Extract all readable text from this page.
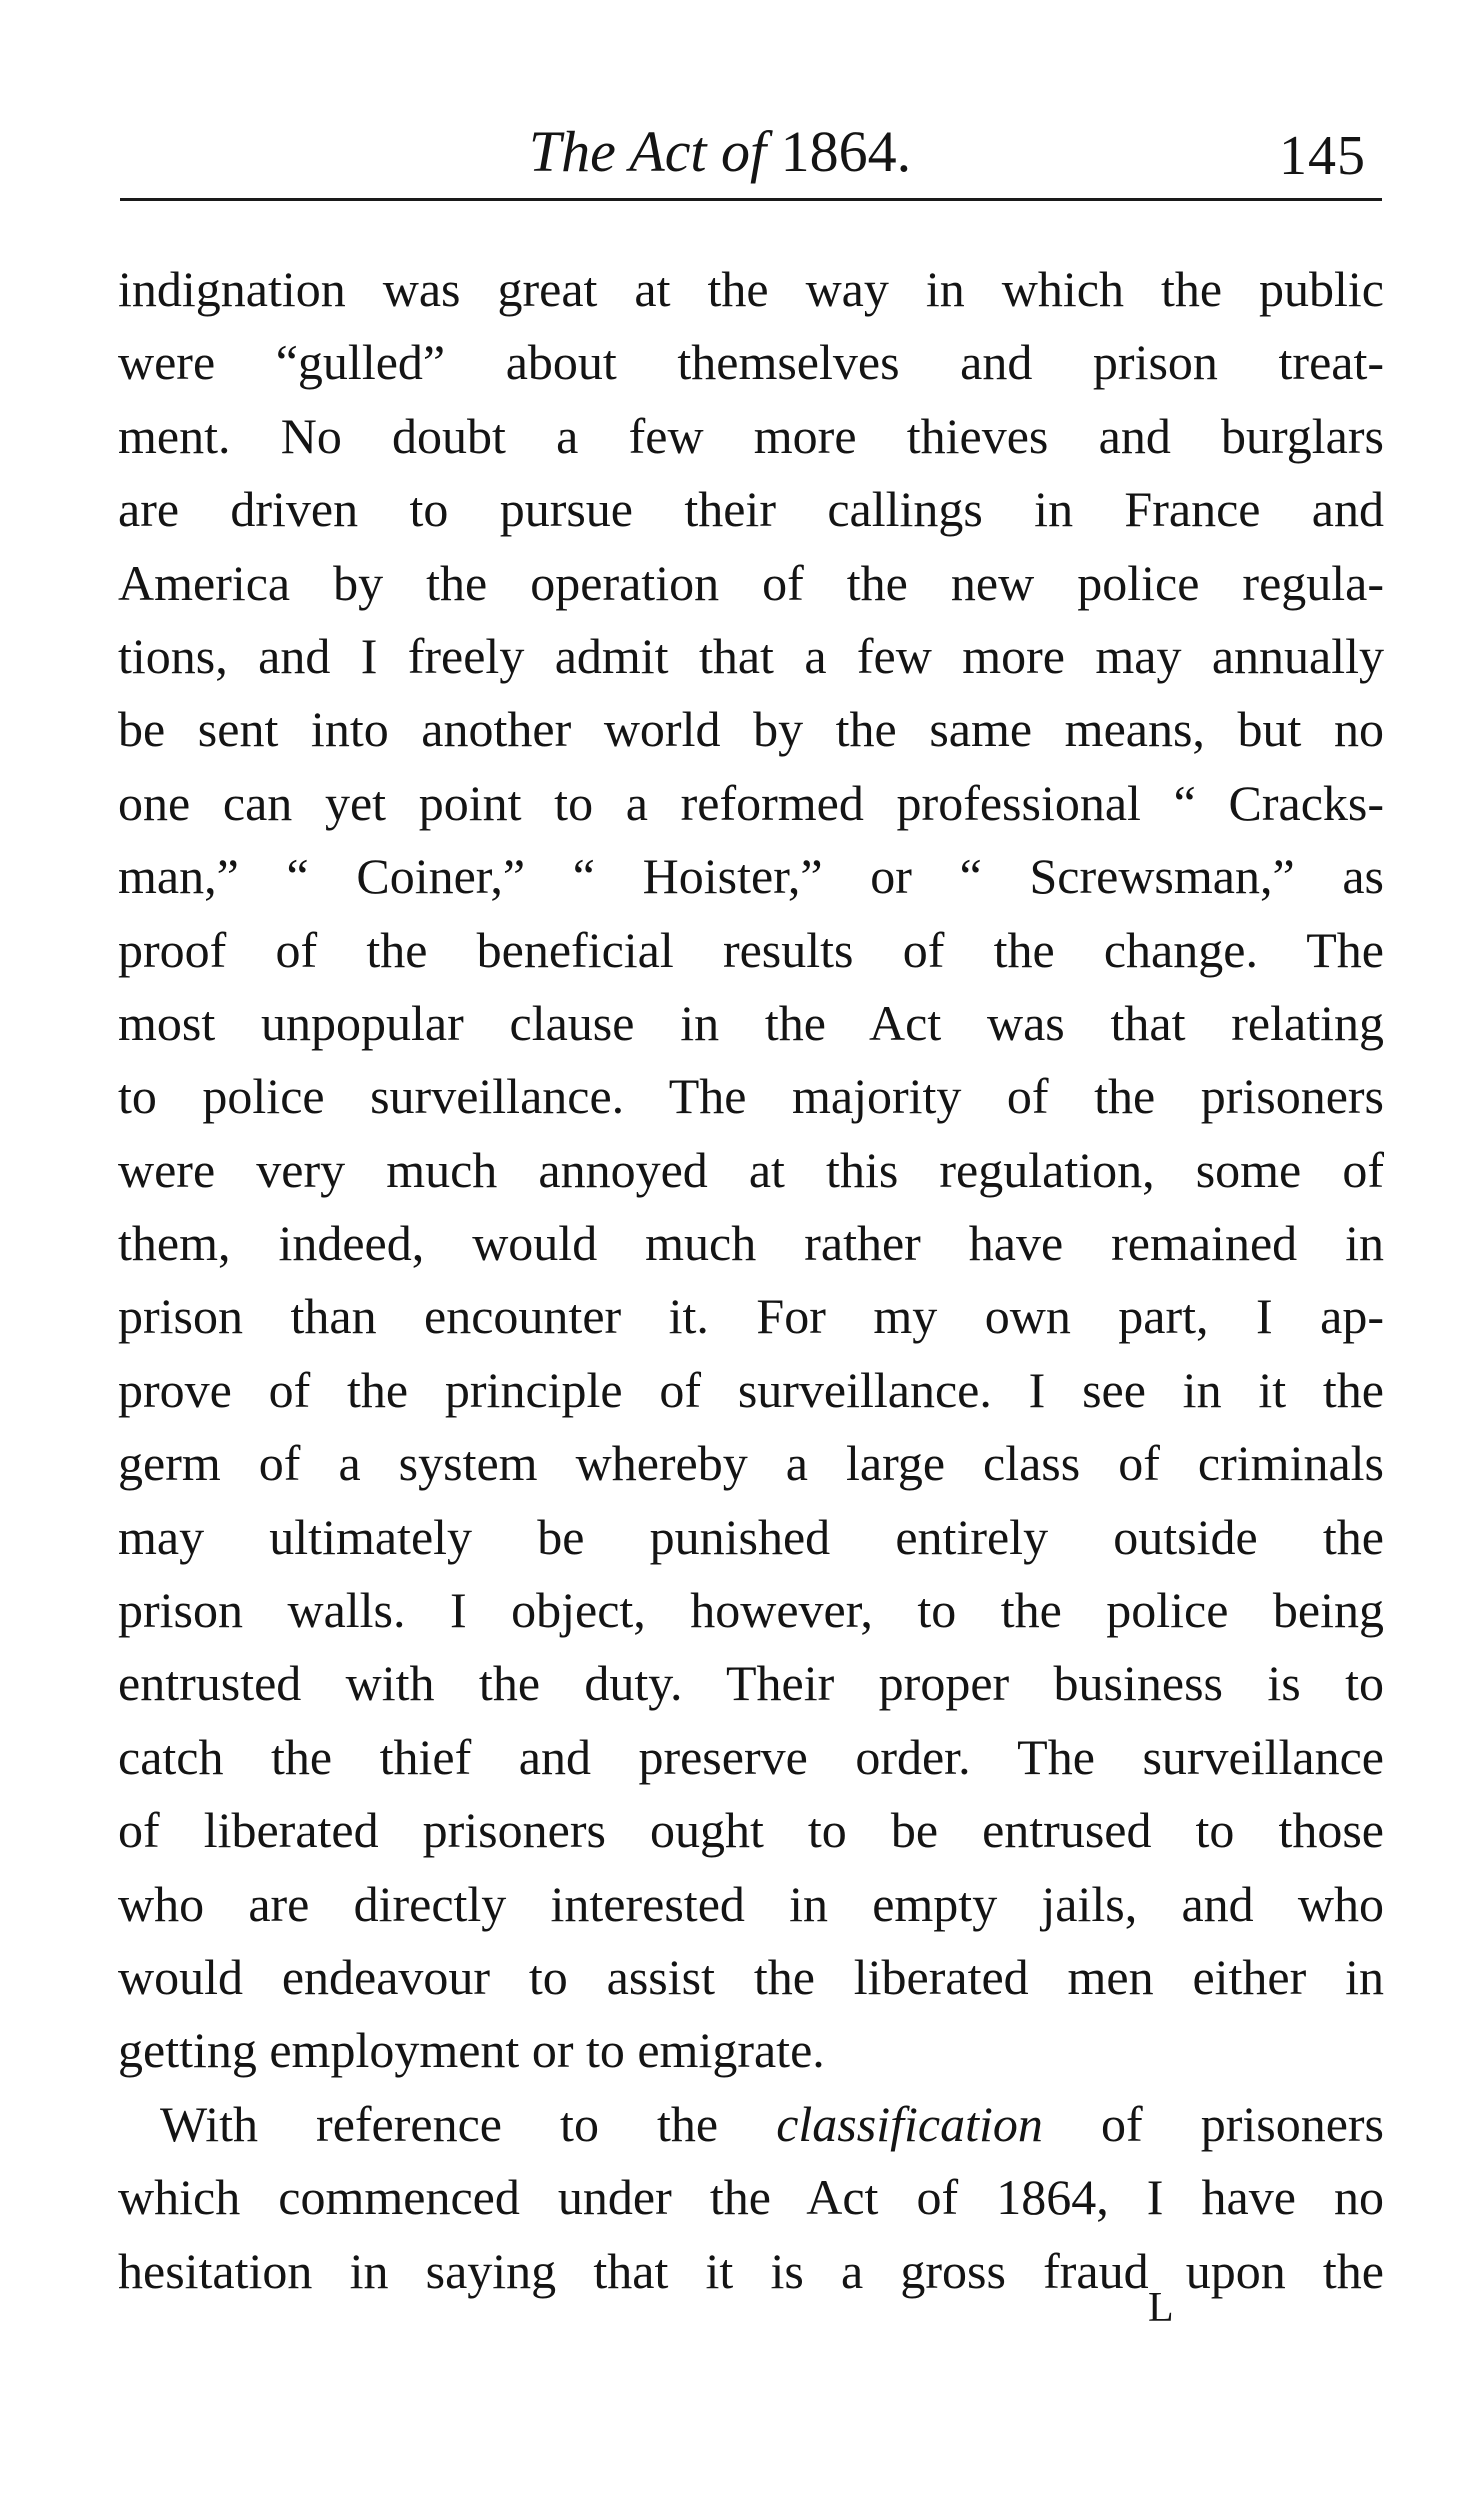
The Act of 1864.	145
indignation was great at the way in which the public
were “gulled” about themselves and prison treat-
ment. No doubt a few more thieves and burglars
are driven to pursue their callings in France and
America by the operation of the new police regula-
tions, and I freely admit that a few more may annually
be sent into another world by the same means, but no
one can yet point to a reformed professional “ Cracks-
man,” “ Coiner,” “ Hoister,” or “ Screwsman,” as
proof of the beneficial results of the change. The
most unpopular clause in the Act was that relating
to police surveillance. The majority of the prisoners
were very much annoyed at this regulation, some of
them, indeed, would much rather have remained in
prison than encounter it. For my own part, I ap-
prove of the principle of surveillance. I see in it the
germ of a system whereby a large class of criminals
may ultimately be punished entirely outside the
prison walls. I object, however, to the police being
entrusted with the duty. Their proper business is to
catch the thief and preserve order. The surveillance
of liberated prisoners ought to be entrused to those
who are directly interested in empty jails, and who
would endeavour to assist the liberated men either in
getting employment or to emigrate.
With reference to the classification of prisoners
which commenced under the Act of 1864, I have no
hesitation in saying that it is a gross fraud upon the
L
